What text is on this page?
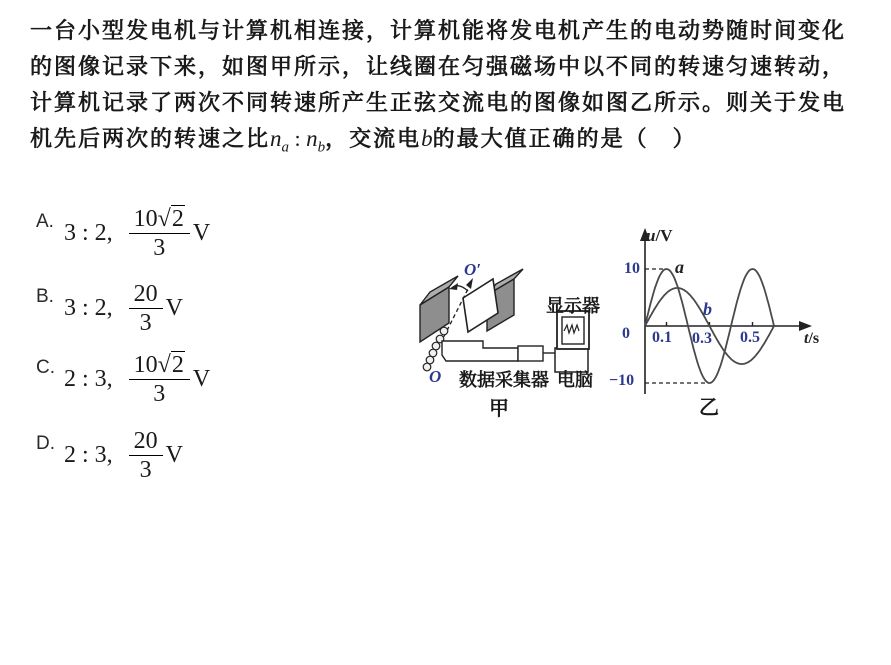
一台小型发电机与计算机相连接，计算机能将发电机产生的电动势随时间变化
的图像记录下来，如图甲所示，让线圈在匀强磁场中以不同的转速匀速转动，
计算机记录了两次不同转速所产生正弦交流电的图像如图乙所示。则关于发电
机先后两次的转速之比$n_a$ : $n_b$，交流电b的最大值正确的是（　）
A. 3 : 2, $\frac{10√2}{3}$ V
B. 3 : 2, $\frac{20}{3}$ V
C. 2 : 3, $\frac{10√2}{3}$ V
D. 2 : 3, $\frac{20}{3}$ V
O′
O
显示器
数据采集器 电脑
甲
u/V
t/s
10
0
−10
0.1 0.3 0.5
a
b
乙
